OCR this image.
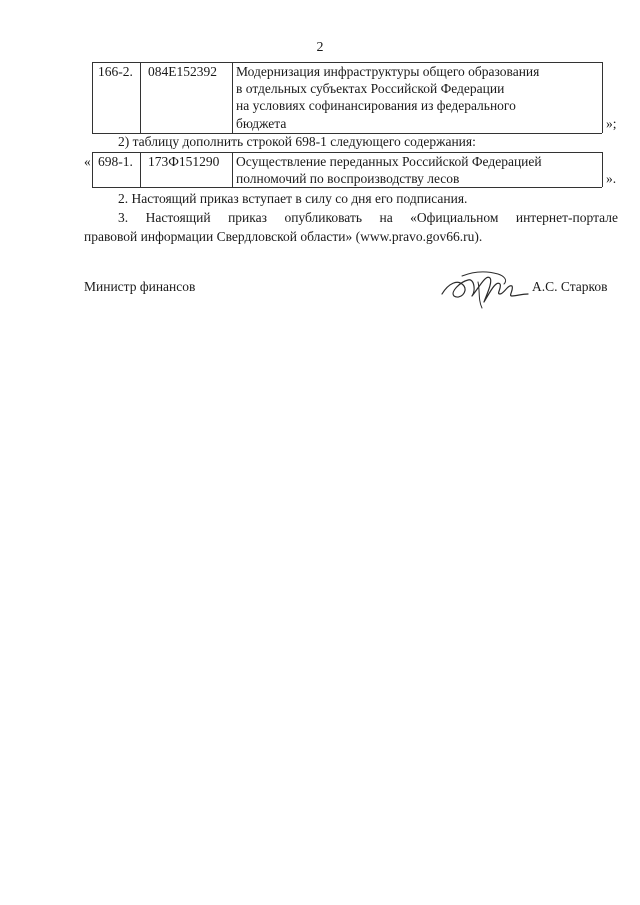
2
166-2. 084Е152392 Модернизация инфраструктуры общего образования
в отдельных субъектах Российской Федерации
на условиях софинансирования из федерального
бюджета	»;
2) таблицу дополнить строкой 698-1 следующего содержания:
« 698-1. 173Ф151290 Осуществление переданных Российской Федерацией
полномочий по воспроизводству лесов	».
2. Настоящий приказ вступает в силу со дня его подписания.
3. Настоящий приказ опубликовать на «Официальном интернет-портале
правовой информации Свердловской области» (www.pravo.gov66.ru).
Министр финансов	А.С. Старков
